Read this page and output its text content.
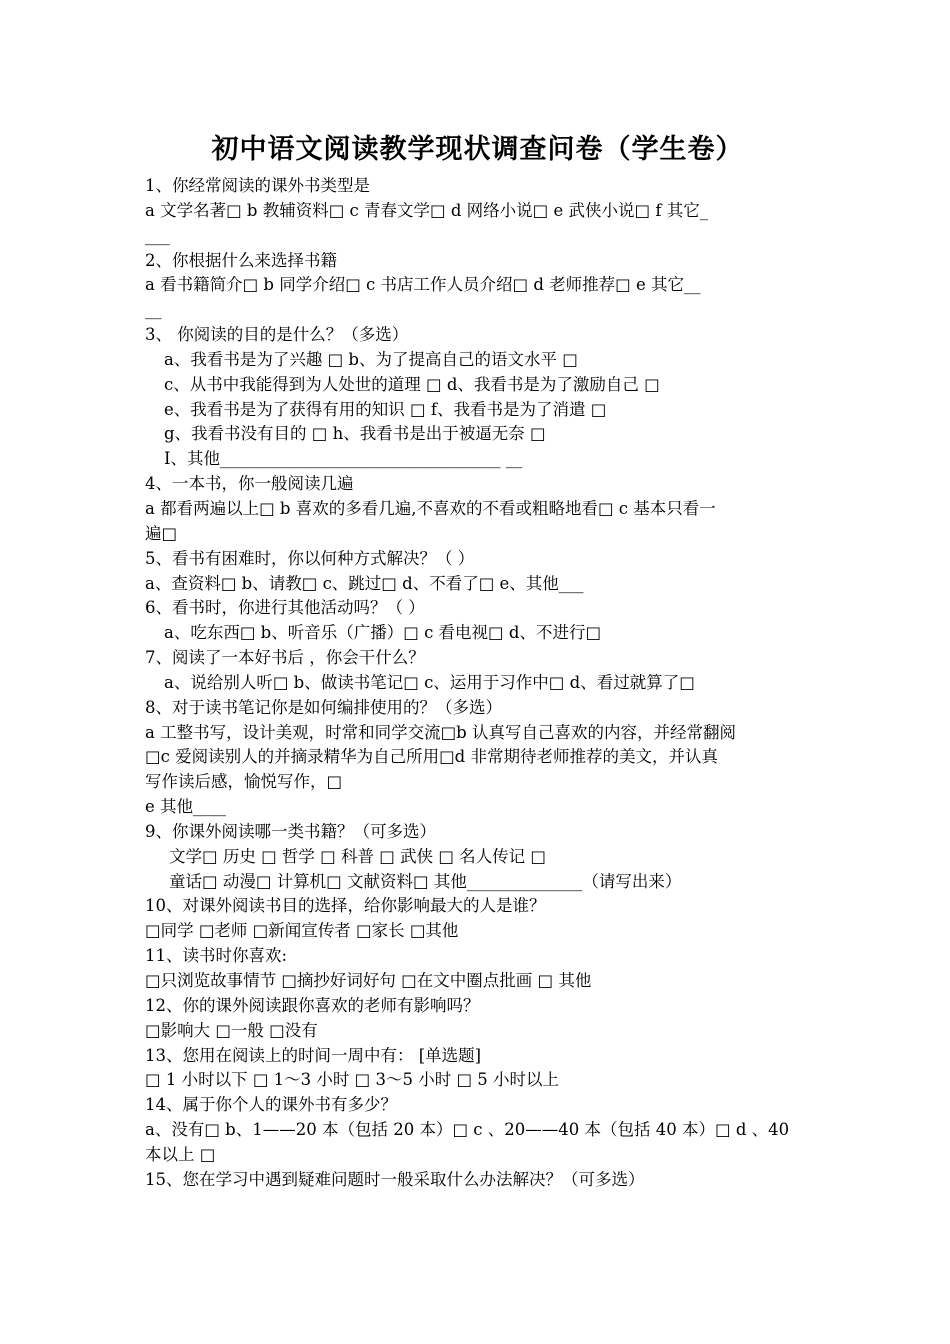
初中语文阅读教学现状调查问卷（学生卷）

1、你经常阅读的课外书类型是

a 文学名著□ b 教辅资料□ c 青春文学□ d 网络小说□ e 武侠小说□ f 其它_

___

2、你根据什么来选择书籍

a 看书籍简介□ b 同学介绍□ c 书店工作人员介绍□ d 老师推荐□ e 其它__

__

3、 你阅读的目的是什么？（多选）

a、我看书是为了兴趣 □ b、为了提高自己的语文水平 □

c、从书中我能得到为人处世的道理 □ d、我看书是为了激励自己 □

e、我看书是为了获得有用的知识 □ f、我看书是为了消遣 □

g、我看书没有目的 □ h、我看书是出于被逼无奈 □

I、其他__________________________________ __

4、一本书，你一般阅读几遍

a 都看两遍以上□ b 喜欢的多看几遍,不喜欢的不看或粗略地看□ c 基本只看一

遍□

5、看书有困难时，你以何种方式解决？（ ）

a、查资料□ b、请教□ c、跳过□ d、不看了□ e、其他___

6、看书时，你进行其他活动吗？（ ）

a、吃东西□ b、听音乐（广播）□ c 看电视□ d、不进行□

7、阅读了一本好书后 ，你会干什么？

a、说给别人听□ b、做读书笔记□ c、运用于习作中□ d、看过就算了□

8、对于读书笔记你是如何编排使用的？（多选）

a 工整书写，设计美观，时常和同学交流□b 认真写自己喜欢的内容，并经常翻阅

□c 爱阅读别人的并摘录精华为自己所用□d 非常期待老师推荐的美文，并认真

写作读后感，愉悦写作，□

e 其他____

9、你课外阅读哪一类书籍？（可多选）

文学□ 历史 □ 哲学 □ 科普 □ 武侠 □ 名人传记 □

童话□ 动漫□ 计算机□ 文献资料□ 其他______________（请写出来）

10、对课外阅读书目的选择，给你影响最大的人是谁？

□同学 □老师 □新闻宣传者 □家长 □其他

11、读书时你喜欢:

□只浏览故事情节 □摘抄好词好句 □在文中圈点批画 □ 其他

12、你的课外阅读跟你喜欢的老师有影响吗？

□影响大 □一般 □没有

13、您用在阅读上的时间一周中有： [单选题]

□ 1 小时以下 □ 1～3 小时 □ 3～5 小时 □ 5 小时以上

14、属于你个人的课外书有多少？

a、没有□ b、1——20 本（包括 20 本）□ c 、20——40 本（包括 40 本）□ d 、40

本以上 □

15、您在学习中遇到疑难问题时一般采取什么办法解决？（可多选）
